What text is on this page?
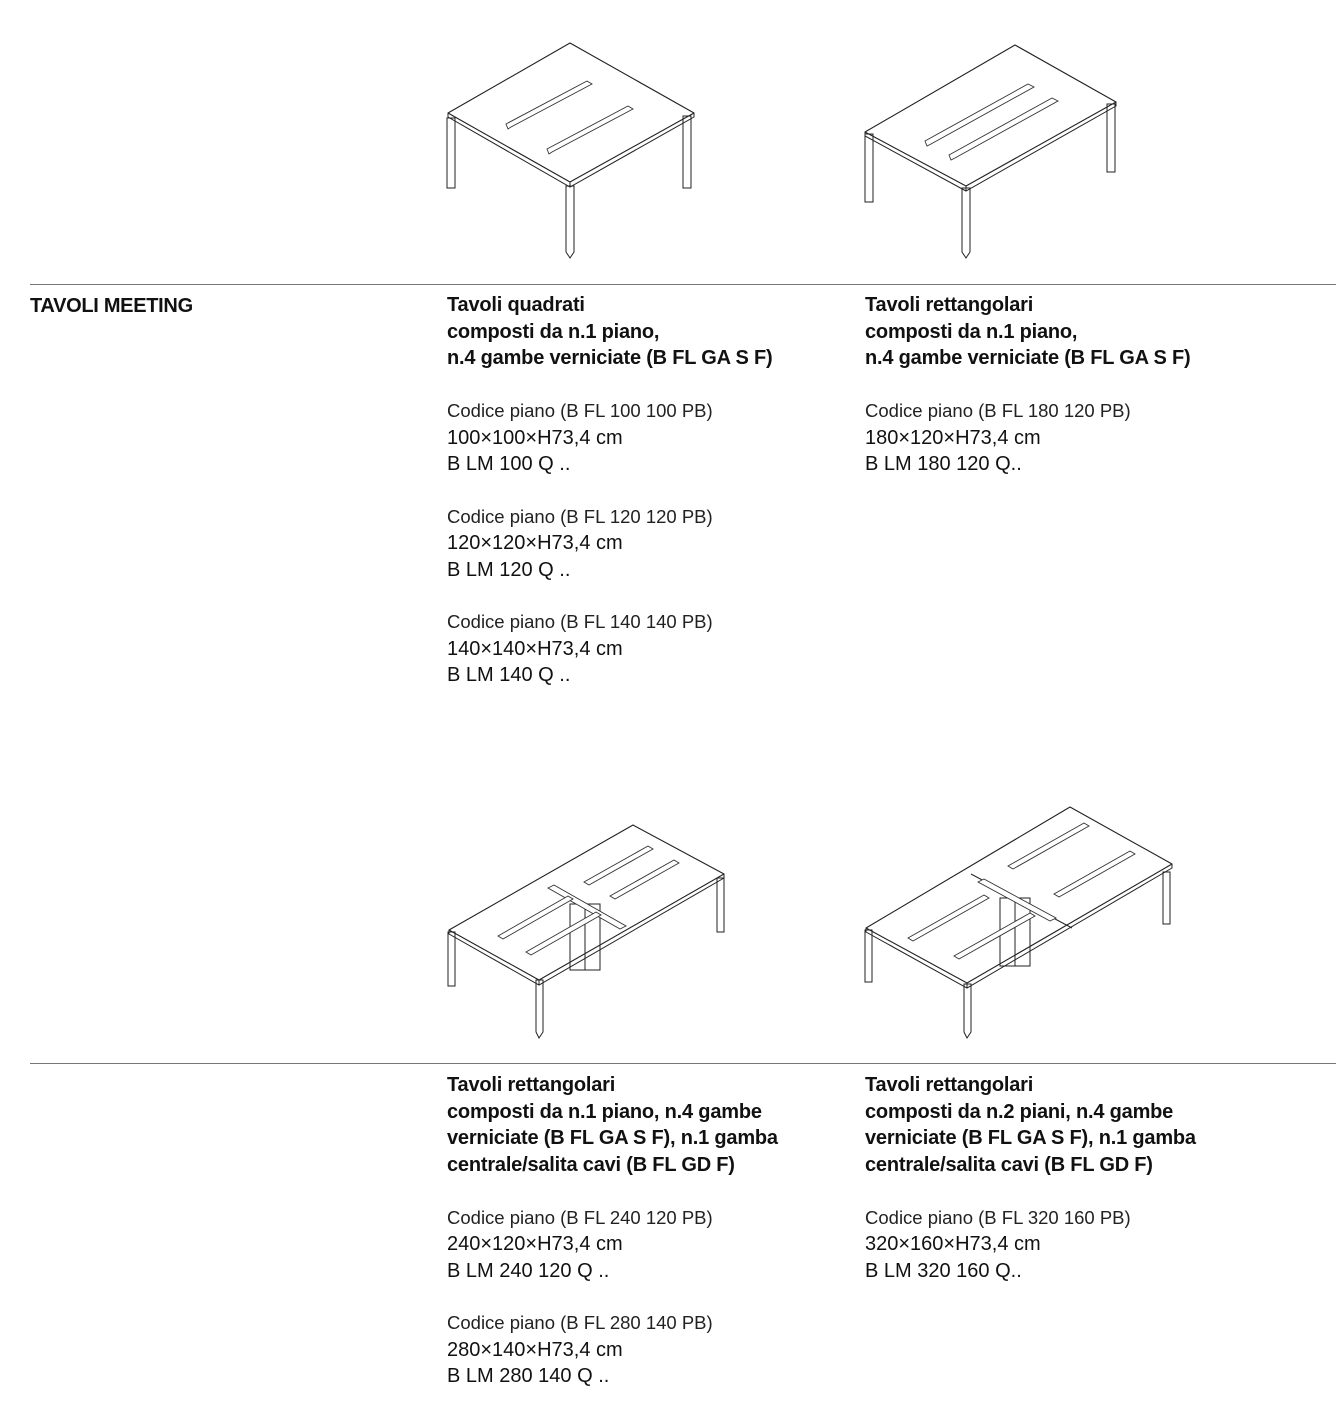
TAVOLI MEETING	Tavoli quadrati
composti da n.1 piano,
n.4 gambe verniciate (B FL GA S F)
Codice piano (B FL 100 100 PB)
100×100×H73,4 cm
B LM 100 Q ..
Codice piano (B FL 120 120 PB)
120×120×H73,4 cm
B LM 120 Q ..
Codice piano (B FL 140 140 PB)
140×140×H73,4 cm
B LM 140 Q ..
Tavoli rettangolari
composti da n.1 piano,
n.4 gambe verniciate (B FL GA S F)
Codice piano (B FL 180 120 PB)
180×120×H73,4 cm
B LM 180 120 Q..
Tavoli rettangolari
composti da n.1 piano, n.4 gambe
verniciate (B FL GA S F), n.1 gamba
centrale/salita cavi (B FL GD F)
Codice piano (B FL 240 120 PB)
240×120×H73,4 cm
B LM 240 120 Q ..
Codice piano (B FL 280 140 PB)
280×140×H73,4 cm
B LM 280 140 Q ..
Tavoli rettangolari
composti da n.2 piani, n.4 gambe
verniciate (B FL GA S F), n.1 gamba
centrale/salita cavi (B FL GD F)
Codice piano (B FL 320 160 PB)
320×160×H73,4 cm
B LM 320 160 Q..
